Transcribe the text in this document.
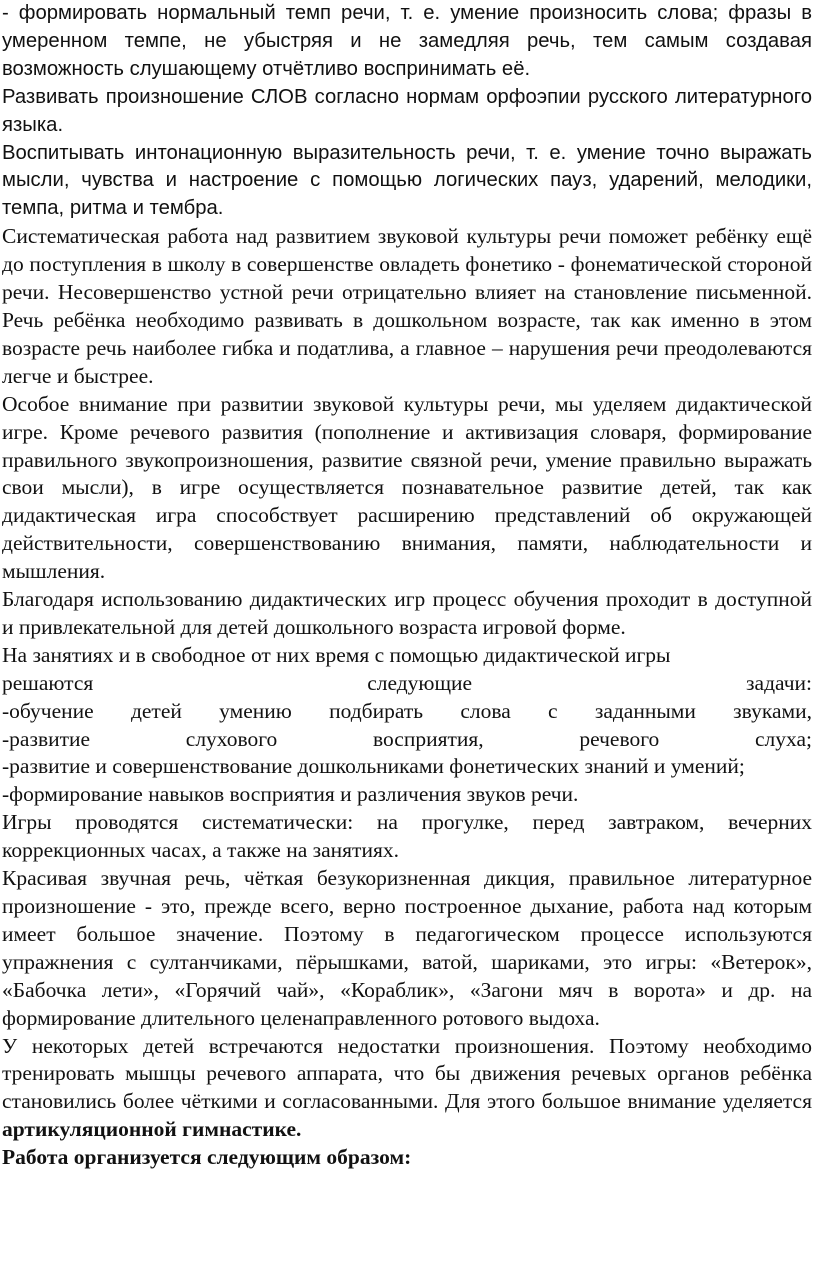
- формировать нормальный темп речи, т. е. умение произносить слова; фразы в умеренном темпе, не убыстряя и не замедляя речь, тем самым создавая возможность слушающему отчётливо воспринимать её.

Развивать произношение СЛОВ согласно нормам орфоэпии русского литературного языка.

Воспитывать интонационную выразительность речи, т. е. умение точно выражать мысли, чувства и настроение с помощью логических пауз, ударений, мелодики, темпа, ритма и тембра.

Систематическая работа над развитием звуковой культуры речи поможет ребёнку ещё до поступления в школу в совершенстве овладеть фонетико - фонематической стороной речи. Несовершенство устной речи отрицательно влияет на становление письменной. Речь ребёнка необходимо развивать в дошкольном возрасте, так как именно в этом возрасте речь наиболее гибка и податлива, а главное – нарушения речи преодолеваются легче и быстрее.

Особое внимание при развитии звуковой культуры речи, мы уделяем дидактической игре. Кроме речевого развития (пополнение и активизация словаря, формирование правильного звукопроизношения, развитие связной речи, умение правильно выражать свои мысли), в игре осуществляется познавательное развитие детей, так как дидактическая игра способствует расширению представлений об окружающей действительности, совершенствованию внимания, памяти, наблюдательности и мышления.

Благодаря использованию дидактических игр процесс обучения проходит в доступной и привлекательной для детей дошкольного возраста игровой форме.

На занятиях и в свободное от них время с помощью дидактической игры
решаются следующие задачи:
-обучение детей умению подбирать слова с заданными звуками,
-развитие слухового восприятия, речевого слуха;
-развитие и совершенствование дошкольниками фонетических знаний и умений;
-формирование навыков восприятия и различения звуков речи.

Игры проводятся систематически: на прогулке, перед завтраком, вечерних коррекционных часах, а также на занятиях.

Красивая звучная речь, чёткая безукоризненная дикция, правильное литературное произношение - это, прежде всего, верно построенное дыхание, работа над которым имеет большое значение. Поэтому в педагогическом процессе используются упражнения с султанчиками, пёрышками, ватой, шариками, это игры: «Ветерок», «Бабочка лети», «Горячий чай», «Кораблик», «Загони мяч в ворота» и др. на формирование длительного целенаправленного ротового выдоха.

У некоторых детей встречаются недостатки произношения. Поэтому необходимо тренировать мышцы речевого аппарата, что бы движения речевых органов ребёнка становились более чёткими и согласованными. Для этого большое внимание уделяется артикуляционной гимнастике.

Работа организуется следующим образом:
